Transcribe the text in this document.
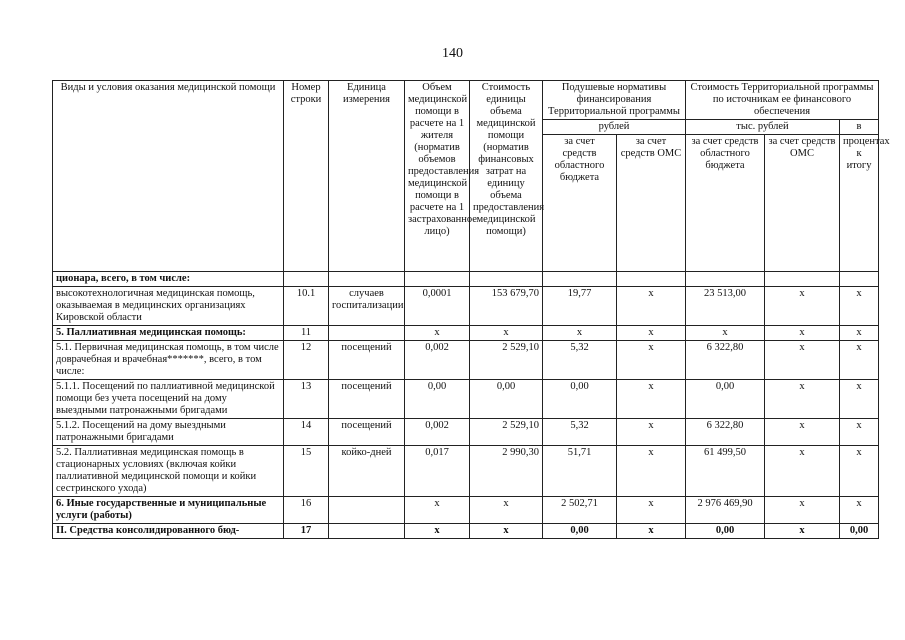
140
Виды и условия оказания медицинской помощи	Номер строки	Единица измерения	Объем медицинской помощи в расчете на 1 жителя (норматив объемов предоставления медицинской помощи в расчете на 1 застрахованное лицо)	Стоимость единицы объема медицинской помощи (норматив финансовых затрат на единицу объема предоставления медицинской помощи)	Подушевые нормативы финансирования Территориальной программы		Стоимость Территориальной программы по источникам ее финансового обеспечения		
					рублей		тыс. рублей		в
					за счет средств областного бюджета	за счет средств ОМС	за счет средств областного бюджета	за счет средств ОМС	процентах к итогу
ционара, всего, в том числе:									
высокотехнологичная медицинская помощь, оказываемая в медицинских организациях Кировской области	10.1	случаев госпитализации	0,0001	153 679,70	19,77	х	23 513,00	х	х
5. Паллиативная медицинская помощь:	11		х	х	х	х	х	х	х
5.1. Первичная медицинская помощь, в том числе доврачебная и врачебная*******, всего, в том числе:	12	посещений	0,002	2 529,10	5,32	х	6 322,80	х	х
5.1.1. Посещений по паллиативной медицинской помощи без учета посещений на дому выездными патронажными бригадами	13	посещений	0,00	0,00	0,00	х	0,00	х	х
5.1.2. Посещений на дому выездными патронажными бригадами	14	посещений	0,002	2 529,10	5,32	х	6 322,80	х	х
5.2. Паллиативная медицинская помощь в стационарных условиях (включая койки паллиативной медицинской помощи и койки сестринского ухода)	15	койко-дней	0,017	2 990,30	51,71	х	61 499,50	х	х
6. Иные государственные и муниципальные услуги (работы)	16		х	х	2 502,71	х	2 976 469,90	х	х
II. Средства консолидированного бюд-	17		х	х	0,00	х	0,00	х	0,00
